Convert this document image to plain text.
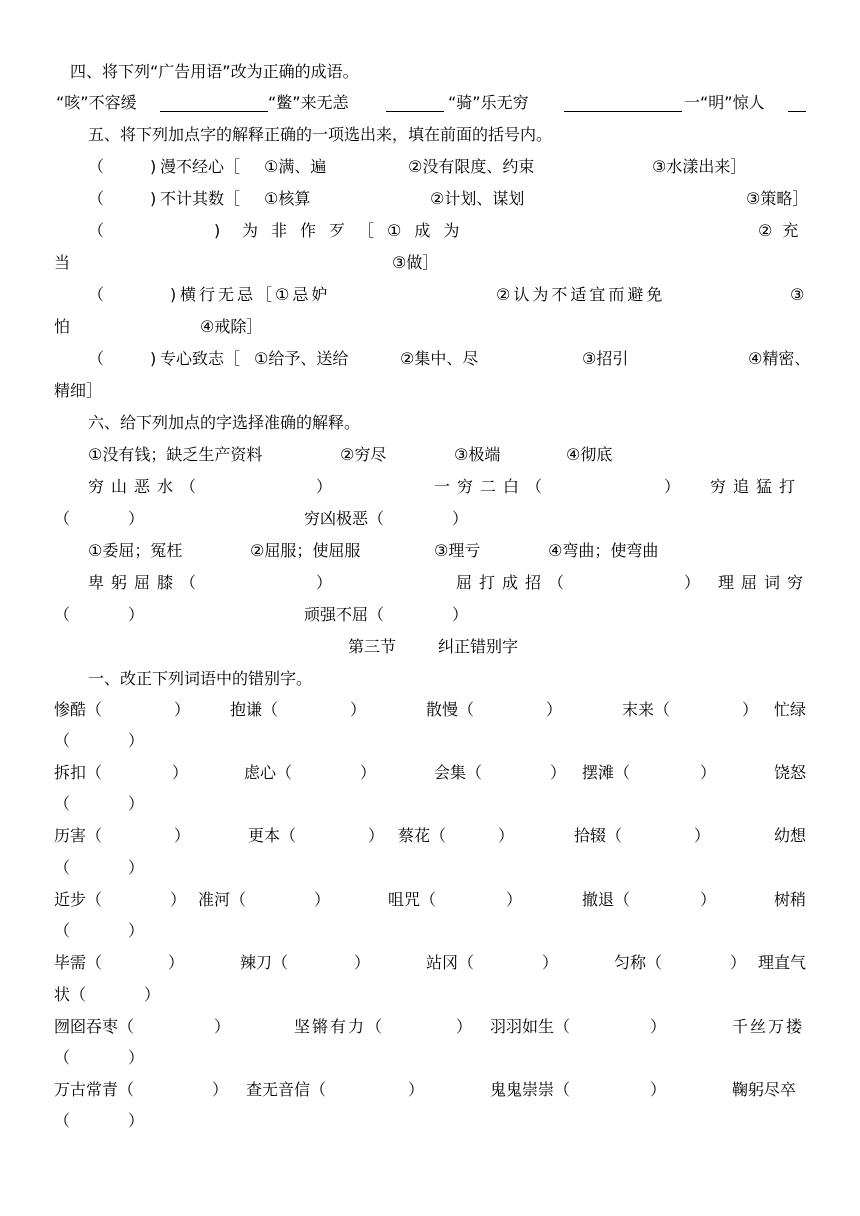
四、将下列“广告用语”改为正确的成语。
“咳”不容缓	“鳖”来无恙	“骑”乐无穷	一“明”惊人
五、将下列加点字的解释正确的一项选出来，填在前面的括号内。
（	) 漫不经心［ ①满、遍	②没有限度、约束	③水漾出来］
（	) 不计其数［ ①核算	②计划、谋划	③策略］
（	) 为非作歹［①成为	②充
当	③做］
（	) 横行无忌［①忌妒	②认为不适宜而避免	③
怕	④戒除］
（	) 专心致志［ ①给予、送给	②集中、尽	③招引	④精密、
精细］
六、给下列加点的字选择准确的解释。
①没有钱；缺乏生产资料	②穷尽	③极端	④彻底
穷山恶水（	）	一穷二白（	） 穷追猛打
（	）	穷凶极恶（	）
①委屈；冤枉	②屈服；使屈服	③理亏	④弯曲；使弯曲
卑躬屈膝（	）	屈打成招（	） 理屈词穷
（	）	顽强不屈（	）
第三节	纠正错别字
一、改正下列词语中的错别字。
惨酷（	） 抱谦（	）	散慢（	）	末来（	） 忙绿
（	）
拆扣（	）	虑心（	）	会集（	） 摆滩（	）	饶怒
（	）
历害（	）	更本（	） 蔡花（	）	拾辍（	）	幼想
（	）
近步（	） 准河（	）	咀咒（	）	撤退（	）	树稍
（	）
毕需（	）	辣刀（	）	站冈（	）	匀称（	） 理直气
状（	）
囫囵吞枣（	）	坚锵有力（	） 羽羽如生（	）	千丝万搂
（	）
万古常青（	） 查无音信（	）	鬼鬼崇崇（	）	鞠躬尽卒
（	）
